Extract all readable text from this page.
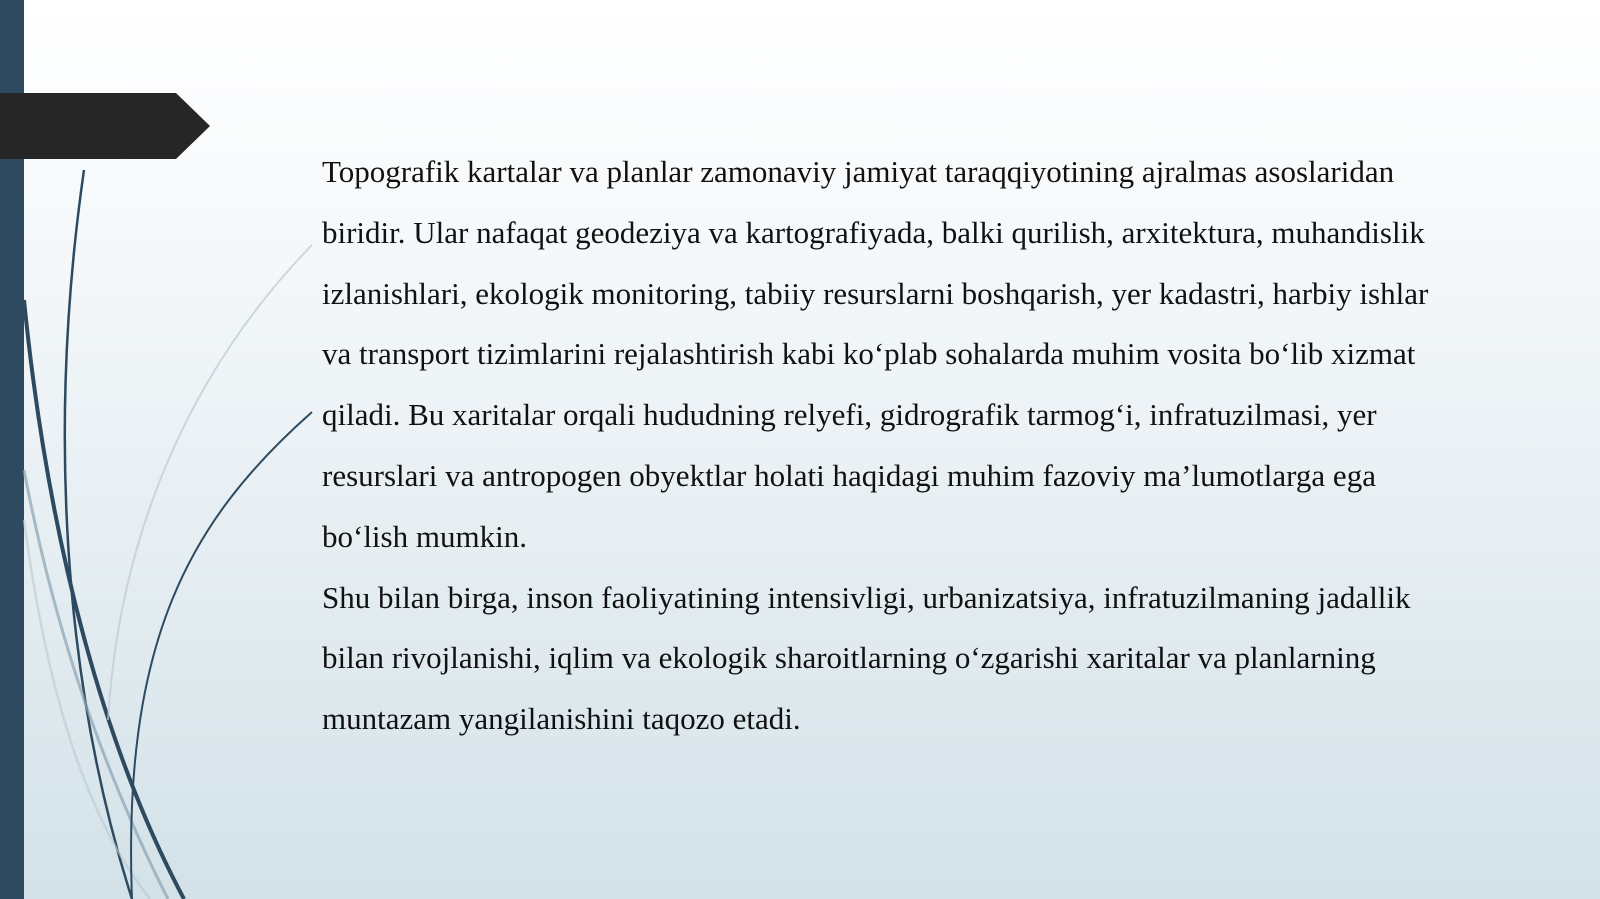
Topografik kartalar va planlar zamonaviy jamiyat taraqqiyotining ajralmas asoslaridan biridir. Ular nafaqat geodeziya va kartografiyada, balki qurilish, arxitektura, muhandislik izlanishlari, ekologik monitoring, tabiiy resurslarni boshqarish, yer kadastri, harbiy ishlar va transport tizimlarini rejalashtirish kabi ko‘plab sohalarda muhim vosita bo‘lib xizmat qiladi. Bu xaritalar orqali hududning relyefi, gidrografik tarmog‘i, infratuzilmasi, yer resurslari va antropogen obyektlar holati haqidagi muhim fazoviy ma’lumotlarga ega bo‘lish mumkin.

Shu bilan birga, inson faoliyatining intensivligi, urbanizatsiya, infratuzilmaning jadallik bilan rivojlanishi, iqlim va ekologik sharoitlarning o‘zgarishi xaritalar va planlarning muntazam yangilanishini taqozo etadi.
